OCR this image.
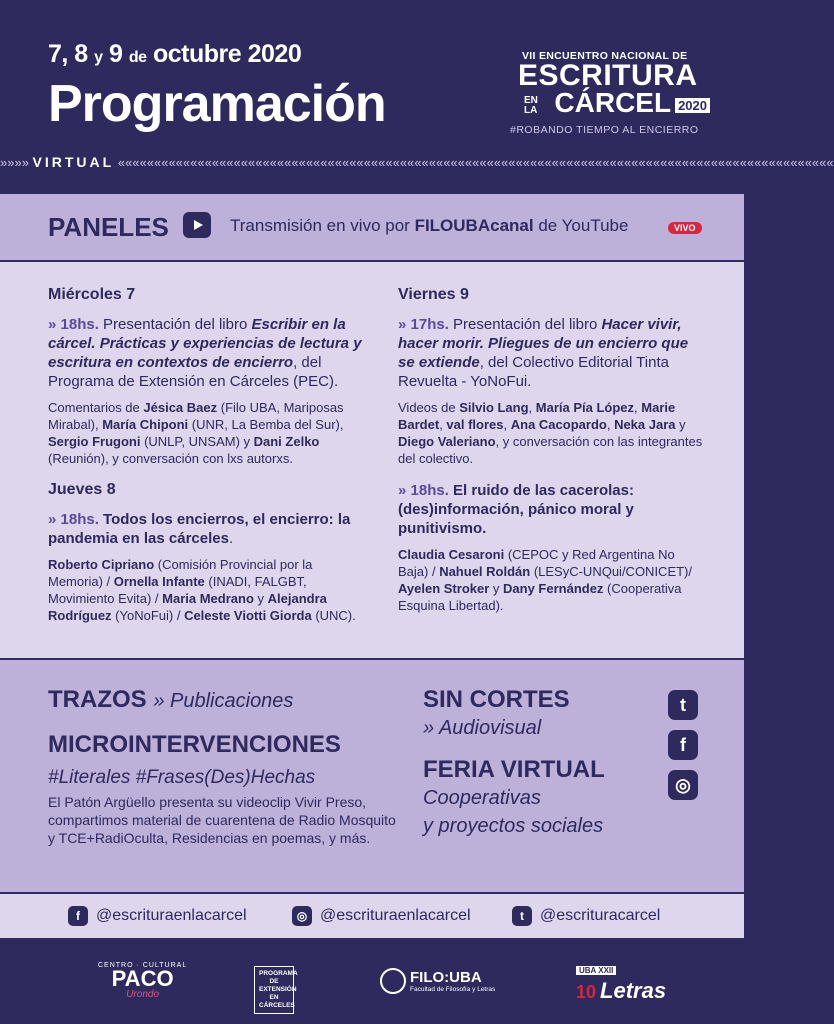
7, 8 y 9 de octubre 2020
Programación
»»»» VIRTUAL «««««««««««««««««««««««««««««««««««««««««««««««««««««««««««««««««««««««««««««««««««««««««««««««««««
VII ENCUENTRO NACIONAL DE
ESCRITURA
EN LA CÁRCEL 2020
#ROBANDO TIEMPO AL ENCIERRO
PANELES	Transmisión en vivo por FILOUBAcanal de YouTube	VIVO
Miércoles 7
» 18hs. Presentación del libro Escribir en la cárcel. Prácticas y experiencias de lectura y escritura en contextos de encierro, del Programa de Extensión en Cárceles (PEC).
Comentarios de Jésica Baez (Filo UBA, Mariposas Mirabal), María Chiponi (UNR, La Bemba del Sur), Sergio Frugoni (UNLP, UNSAM) y Dani Zelko (Reunión), y conversación con lxs autorxs.
Jueves 8
» 18hs. Todos los encierros, el encierro: la pandemia en las cárceles.
Roberto Cipriano (Comisión Provincial por la Memoria) / Ornella Infante (INADI, FALGBT, Movimiento Evita) / Maria Medrano y Alejandra Rodríguez (YoNoFui) / Celeste Viotti Giorda (UNC).
Viernes 9
» 17hs. Presentación del libro Hacer vivir, hacer morir. Pliegues de un encierro que se extiende, del Colectivo Editorial Tinta Revuelta - YoNoFui.
Videos de Silvio Lang, María Pía López, Marie Bardet, val flores, Ana Cacopardo, Neka Jara y Diego Valeriano, y conversación con las integrantes del colectivo.
» 18hs. El ruido de las cacerolas: (des)información, pánico moral y punitivismo.
Claudia Cesaroni (CEPOC y Red Argentina No Baja) / Nahuel Roldán (LESyC-UNQui/CONICET)/ Ayelen Stroker y Dany Fernández (Cooperativa Esquina Libertad).
TRAZOS » Publicaciones
MICROINTERVENCIONES
#Literales #Frases(Des)Hechas
El Patón Argüello presenta su videoclip Vivir Preso, compartimos material de cuarentena de Radio Mosquito y TCE+RadiOculta, Residencias en poemas, y más.
SIN CORTES
» Audiovisual
FERIA VIRTUAL
Cooperativas
y proyectos sociales
t
f
◎
f	@escrituraenlacarcel	◎ @escrituraenlacarcel	t	@escrituracarcel
CENTRO · CULTURAL
PACO
Urondo
PROGRAMA DE EXTENSIÓN EN CÁRCELES
FILO:UBA
Facultad de Filosofía y Letras
UBA XXII
10 Letras
